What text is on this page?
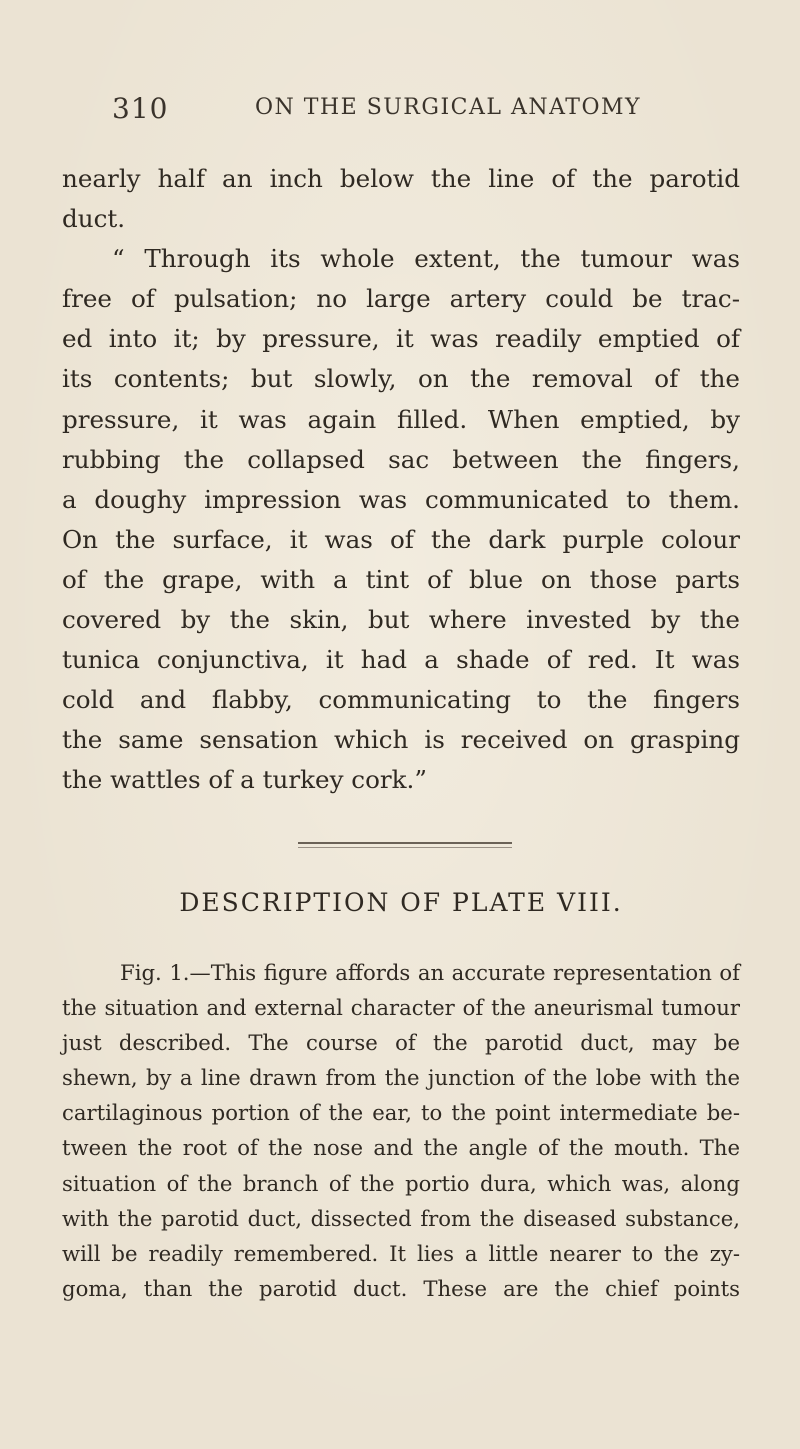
310	ON THE SURGICAL ANATOMY
nearly half an inch below the line of the parotid
duct.
“ Through its whole extent, the tumour was
free of pulsation; no large artery could be trac-
ed into it; by pressure, it was readily emptied of
its contents; but slowly, on the removal of the
pressure, it was again filled. When emptied, by
rubbing the collapsed sac between the fingers,
a doughy impression was communicated to them.
On the surface, it was of the dark purple colour
of the grape, with a tint of blue on those parts
covered by the skin, but where invested by the
tunica conjunctiva, it had a shade of red. It was
cold and flabby, communicating to the fingers
the same sensation which is received on grasping
the wattles of a turkey cork.”
DESCRIPTION OF PLATE VIII.
Fig. 1.—This figure affords an accurate representation of
the situation and external character of the aneurismal tumour
just described. The course of the parotid duct, may be
shewn, by a line drawn from the junction of the lobe with the
cartilaginous portion of the ear, to the point intermediate be-
tween the root of the nose and the angle of the mouth. The
situation of the branch of the portio dura, which was, along
with the parotid duct, dissected from the diseased substance,
will be readily remembered. It lies a little nearer to the zy-
goma, than the parotid duct. These are the chief points
